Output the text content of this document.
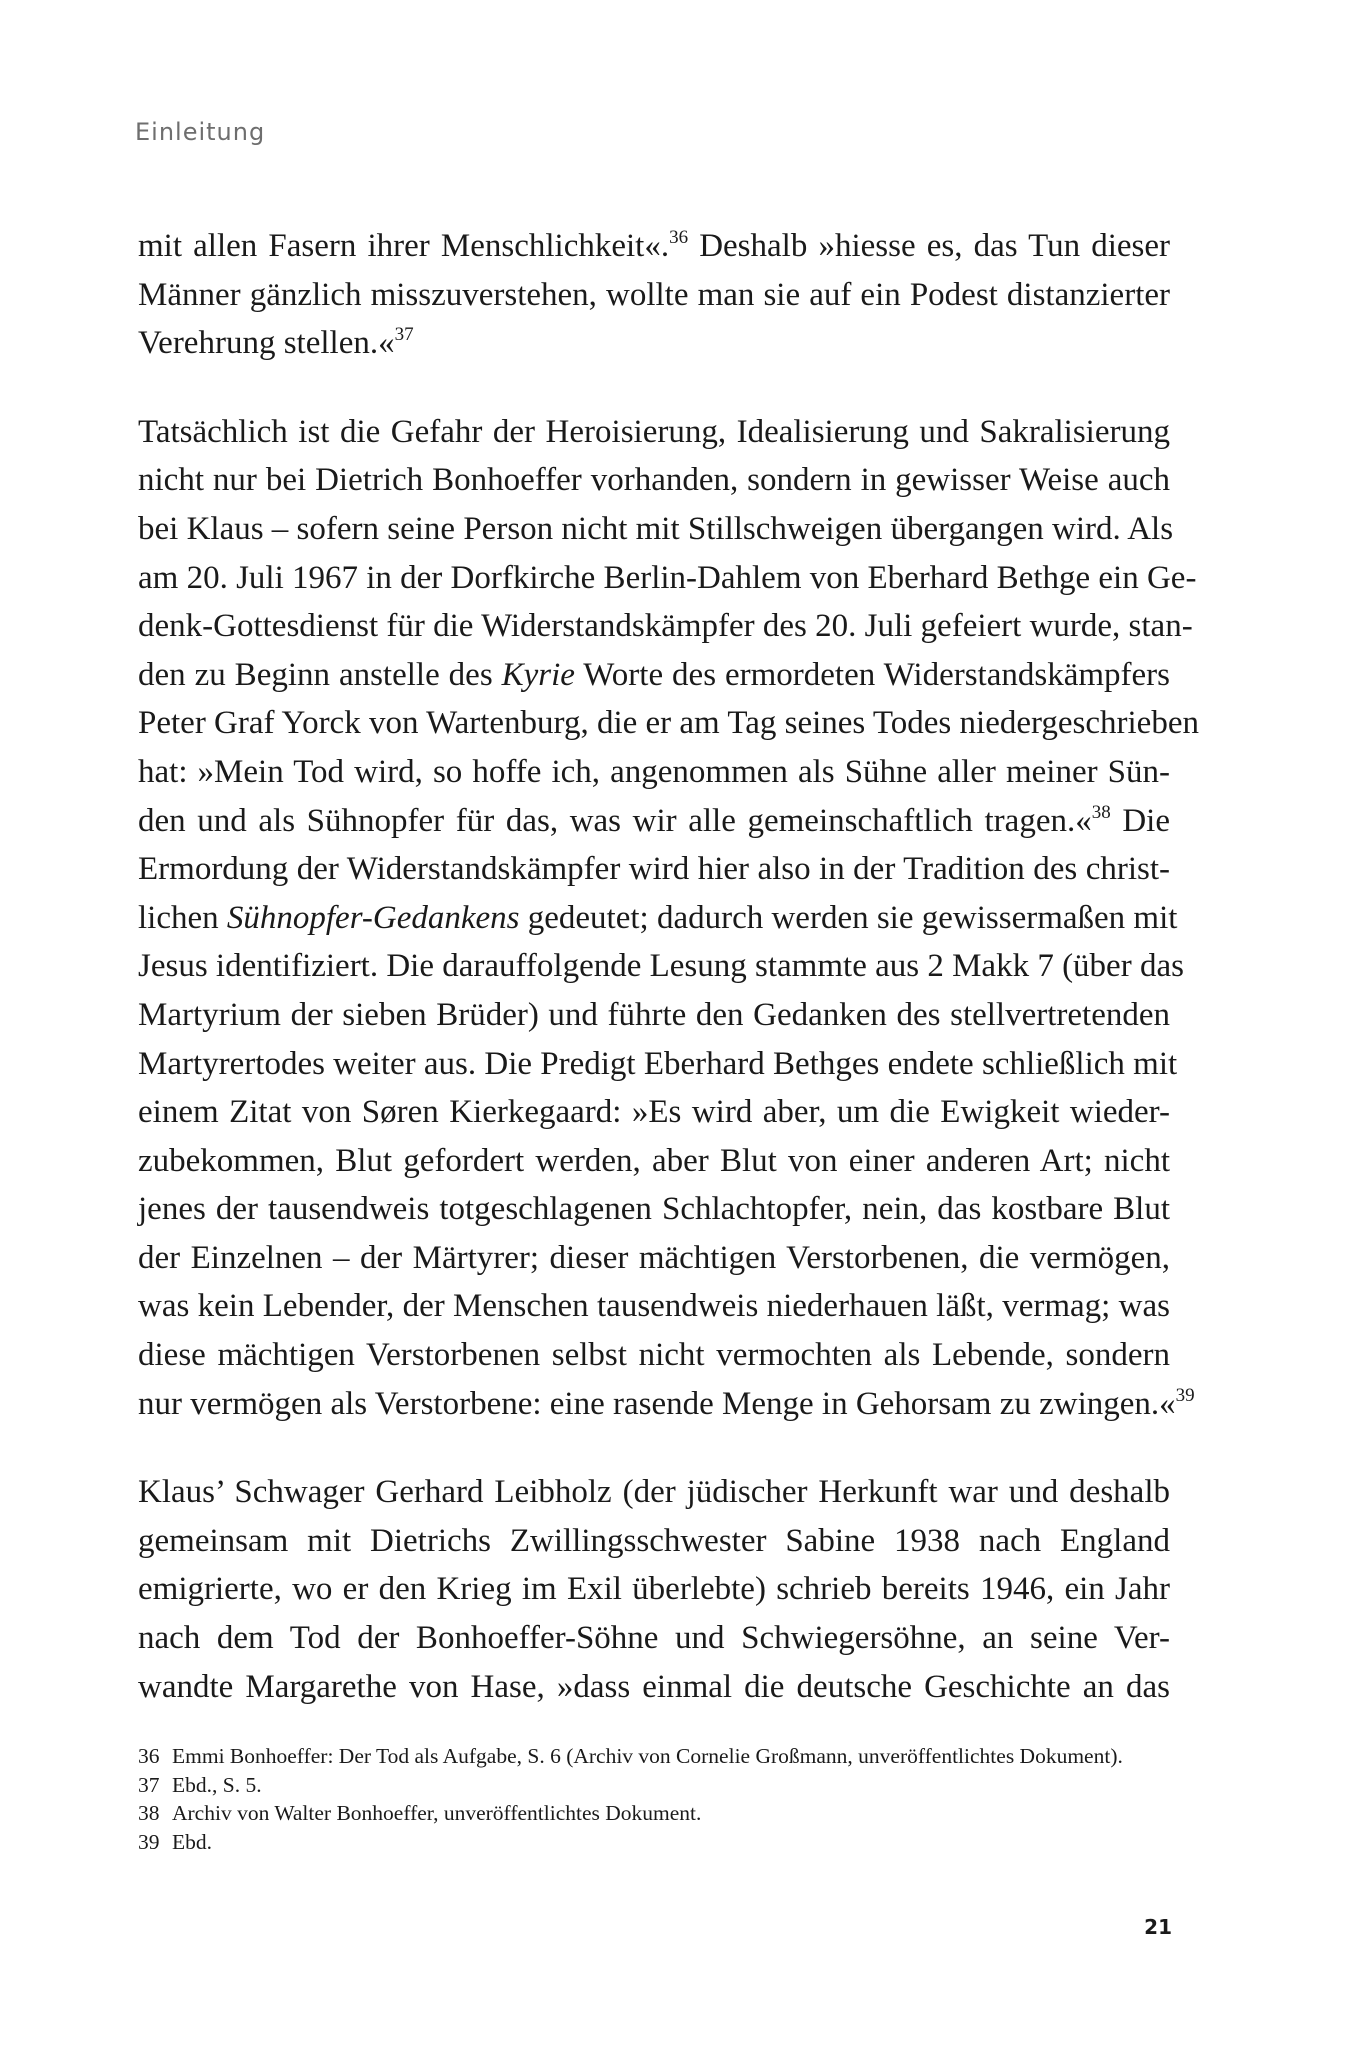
Einleitung

mit allen Fasern ihrer Menschlichkeit«.$^{36}$ Deshalb »hiesse es, das Tun dieser
Männer gänzlich misszuverstehen, wollte man sie auf ein Podest distanzierter
Verehrung stellen.«$^{37}$

Tatsächlich ist die Gefahr der Heroisierung, Idealisierung und Sakralisierung
nicht nur bei Dietrich Bonhoeffer vorhanden, sondern in gewisser Weise auch
bei Klaus – sofern seine Person nicht mit Stillschweigen übergangen wird. Als
am 20. Juli 1967 in der Dorfkirche Berlin-Dahlem von Eberhard Bethge ein Ge-
denk-Gottesdienst für die Widerstandskämpfer des 20. Juli gefeiert wurde, stan-
den zu Beginn anstelle des Kyrie Worte des ermordeten Widerstandskämpfers
Peter Graf Yorck von Wartenburg, die er am Tag seines Todes niedergeschrieben
hat: »Mein Tod wird, so hoffe ich, angenommen als Sühne aller meiner Sün-
den und als Sühnopfer für das, was wir alle gemeinschaftlich tragen.«$^{38}$ Die
Ermordung der Widerstandskämpfer wird hier also in der Tradition des christ-
lichen Sühnopfer-Gedankens gedeutet; dadurch werden sie gewissermaßen mit
Jesus identifiziert. Die darauffolgende Lesung stammte aus 2 Makk 7 (über das
Martyrium der sieben Brüder) und führte den Gedanken des stellvertretenden
Martyrertodes weiter aus. Die Predigt Eberhard Bethges endete schließlich mit
einem Zitat von Søren Kierkegaard: »Es wird aber, um die Ewigkeit wieder-
zubekommen, Blut gefordert werden, aber Blut von einer anderen Art; nicht
jenes der tausendweis totgeschlagenen Schlachtopfer, nein, das kostbare Blut
der Einzelnen – der Märtyrer; dieser mächtigen Verstorbenen, die vermögen,
was kein Lebender, der Menschen tausendweis niederhauen läßt, vermag; was
diese mächtigen Verstorbenen selbst nicht vermochten als Lebende, sondern
nur vermögen als Verstorbene: eine rasende Menge in Gehorsam zu zwingen.«$^{39}$

Klaus’ Schwager Gerhard Leibholz (der jüdischer Herkunft war und deshalb
gemeinsam mit Dietrichs Zwillingsschwester Sabine 1938 nach England
emigrierte, wo er den Krieg im Exil überlebte) schrieb bereits 1946, ein Jahr
nach dem Tod der Bonhoeffer-Söhne und Schwiegersöhne, an seine Ver-
wandte Margarethe von Hase, »dass einmal die deutsche Geschichte an das

36 Emmi Bonhoeffer: Der Tod als Aufgabe, S. 6 (Archiv von Cornelie Großmann, unveröffentlichtes Dokument).

37 Ebd., S. 5.

38 Archiv von Walter Bonhoeffer, unveröffentlichtes Dokument.

39 Ebd.

21
